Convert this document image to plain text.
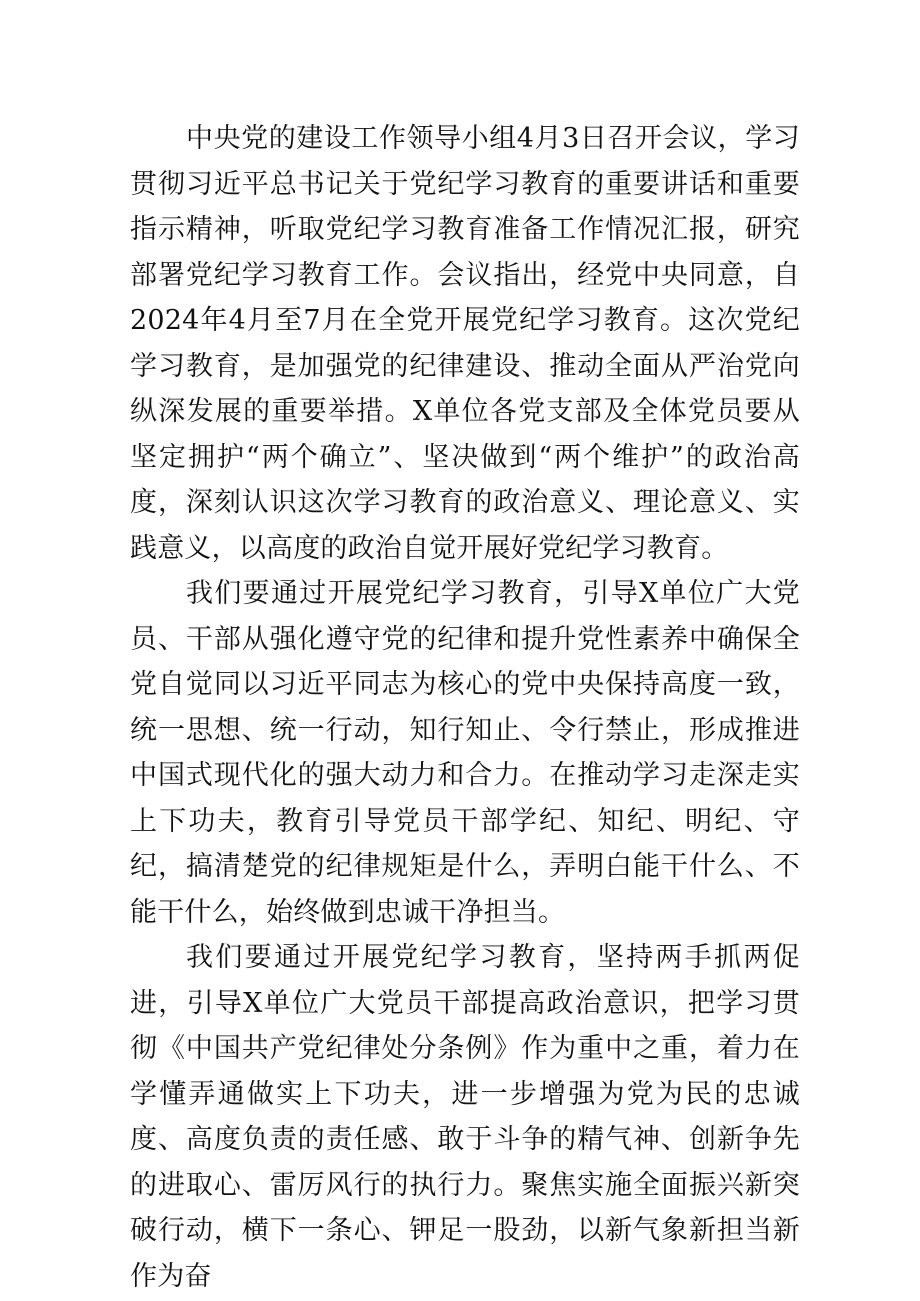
中央党的建设工作领导小组4月3日召开会议，学习贯彻习近平总书记关于党纪学习教育的重要讲话和重要指示精神，听取党纪学习教育准备工作情况汇报，研究部署党纪学习教育工作。会议指出，经党中央同意，自2024年4月至7月在全党开展党纪学习教育。这次党纪学习教育，是加强党的纪律建设、推动全面从严治党向纵深发展的重要举措。X单位各党支部及全体党员要从坚定拥护“两个确立”、坚决做到“两个维护”的政治高度，深刻认识这次学习教育的政治意义、理论意义、实践意义，以高度的政治自觉开展好党纪学习教育。

我们要通过开展党纪学习教育，引导X单位广大党员、干部从强化遵守党的纪律和提升党性素养中确保全党自觉同以习近平同志为核心的党中央保持高度一致，统一思想、统一行动，知行知止、令行禁止，形成推进中国式现代化的强大动力和合力。在推动学习走深走实上下功夫，教育引导党员干部学纪、知纪、明纪、守纪，搞清楚党的纪律规矩是什么，弄明白能干什么、不能干什么，始终做到忠诚干净担当。

我们要通过开展党纪学习教育，坚持两手抓两促进，引导X单位广大党员干部提高政治意识，把学习贯彻《中国共产党纪律处分条例》作为重中之重，着力在学懂弄通做实上下功夫，进一步增强为党为民的忠诚度、高度负责的责任感、敢于斗争的精气神、创新争先的进取心、雷厉风行的执行力。聚焦实施全面振兴新突破行动，横下一条心、钾足一股劲，以新气象新担当新作为奋
